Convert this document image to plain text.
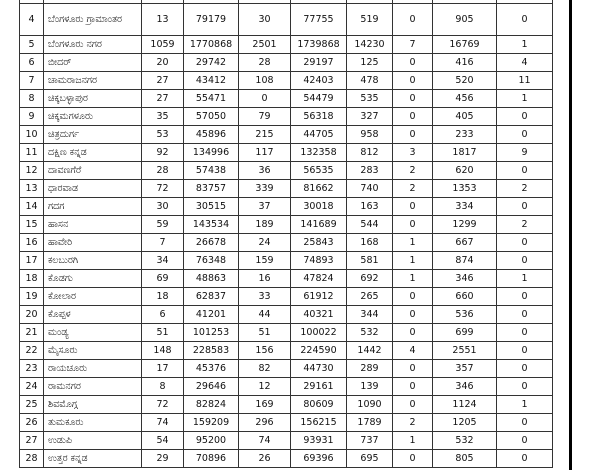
4	ಬೆಂಗಳೂರು ಗ್ರಾಮಾಂತರ	13	79179	30	77755	519	0	905	0
5	ಬೆಂಗಳೂರು ನಗರ	1059	1770868	2501	1739868	14230	7	16769	1
6	ಬೀದರ್	20	29742	28	29197	125	0	416	4
7	ಚಾಮರಾಜನಗರ	27	43412	108	42403	478	0	520	11
8	ಚಿಕ್ಕಬಳ್ಳಾಪುರ	27	55471	0	54479	535	0	456	1
9	ಚಿಕ್ಕಮಗಳೂರು	35	57050	79	56318	327	0	405	0
10	ಚಿತ್ರದುರ್ಗ	53	45896	215	44705	958	0	233	0
11	ದಕ್ಷಿಣ ಕನ್ನಡ	92	134996	117	132358	812	3	1817	9
12	ದಾವಣಗೆರೆ	28	57438	36	56535	283	2	620	0
13	ಧಾರವಾಡ	72	83757	339	81662	740	2	1353	2
14	ಗದಗ	30	30515	37	30018	163	0	334	0
15	ಹಾಸನ	59	143534	189	141689	544	0	1299	2
16	ಹಾವೇರಿ	7	26678	24	25843	168	1	667	0
17	ಕಲಬುರಗಿ	34	76348	159	74893	581	1	874	0
18	ಕೊಡಗು	69	48863	16	47824	692	1	346	1
19	ಕೋಲಾರ	18	62837	33	61912	265	0	660	0
20	ಕೊಪ್ಪಳ	6	41201	44	40321	344	0	536	0
21	ಮಂಡ್ಯ	51	101253	51	100022	532	0	699	0
22	ಮೈಸೂರು	148	228583	156	224590	1442	4	2551	0
23	ರಾಯಚೂರು	17	45376	82	44730	289	0	357	0
24	ರಾಮನಗರ	8	29646	12	29161	139	0	346	0
25	ಶಿವಮೊಗ್ಗ	72	82824	169	80609	1090	0	1124	1
26	ತುಮಕೂರು	74	159209	296	156215	1789	2	1205	0
27	ಉಡುಪಿ	54	95200	74	93931	737	1	532	0
28	ಉತ್ತರ ಕನ್ನಡ	29	70896	26	69396	695	0	805	0
